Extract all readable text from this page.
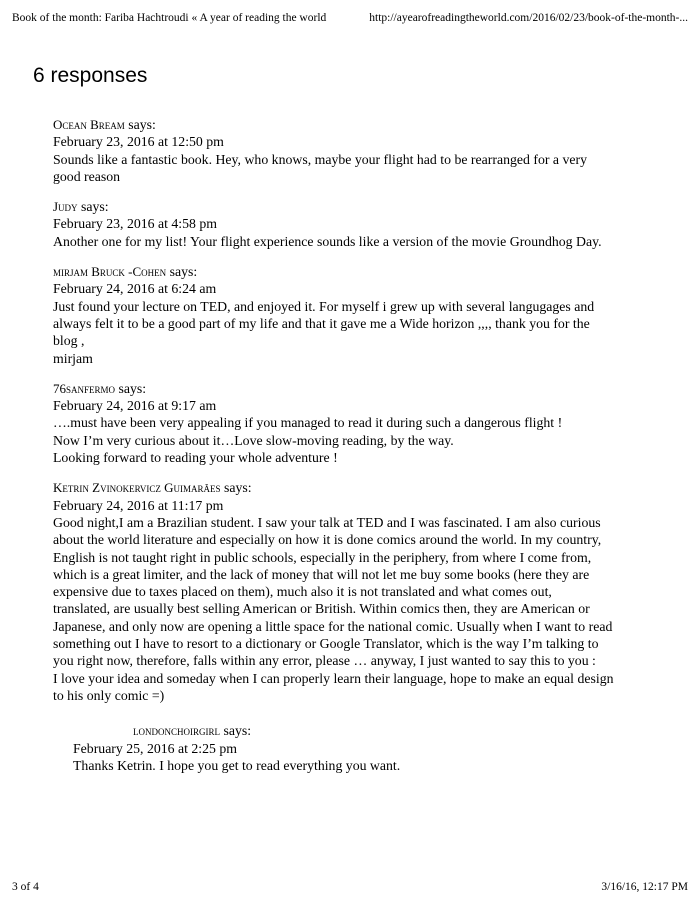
Book of the month: Fariba Hachtroudi « A year of reading the world	http://ayearofreadingtheworld.com/2016/02/23/book-of-the-month-...
6 responses
Ocean Bream says:
February 23, 2016 at 12:50 pm
Sounds like a fantastic book. Hey, who knows, maybe your flight had to be rearranged for a very
good reason
Judy says:
February 23, 2016 at 4:58 pm
Another one for my list! Your flight experience sounds like a version of the movie Groundhog Day.
mirjam Bruck -Cohen says:
February 24, 2016 at 6:24 am
Just found your lecture on TED, and enjoyed it. For myself i grew up with several langugages and
always felt it to be a good part of my life and that it gave me a Wide horizon ,,,, thank you for the
blog ,
mirjam
76sanfermo says:
February 24, 2016 at 9:17 am
….must have been very appealing if you managed to read it during such a dangerous flight !
Now I’m very curious about it…Love slow-moving reading, by the way.
Looking forward to reading your whole adventure !
Ketrin Zvinokervicz Guimarães says:
February 24, 2016 at 11:17 pm
Good night,I am a Brazilian student. I saw your talk at TED and I was fascinated. I am also curious
about the world literature and especially on how it is done comics around the world. In my country,
English is not taught right in public schools, especially in the periphery, from where I come from,
which is a great limiter, and the lack of money that will not let me buy some books (here they are
expensive due to taxes placed on them), much also it is not translated and what comes out,
translated, are usually best selling American or British. Within comics then, they are American or
Japanese, and only now are opening a little space for the national comic. Usually when I want to read
something out I have to resort to a dictionary or Google Translator, which is the way I’m talking to
you right now, therefore, falls within any error, please … anyway, I just wanted to say this to you :
I love your idea and someday when I can properly learn their language, hope to make an equal design
to his only comic =)
londonchoirgirl says:
February 25, 2016 at 2:25 pm
Thanks Ketrin. I hope you get to read everything you want.
3 of 4	3/16/16, 12:17 PM
